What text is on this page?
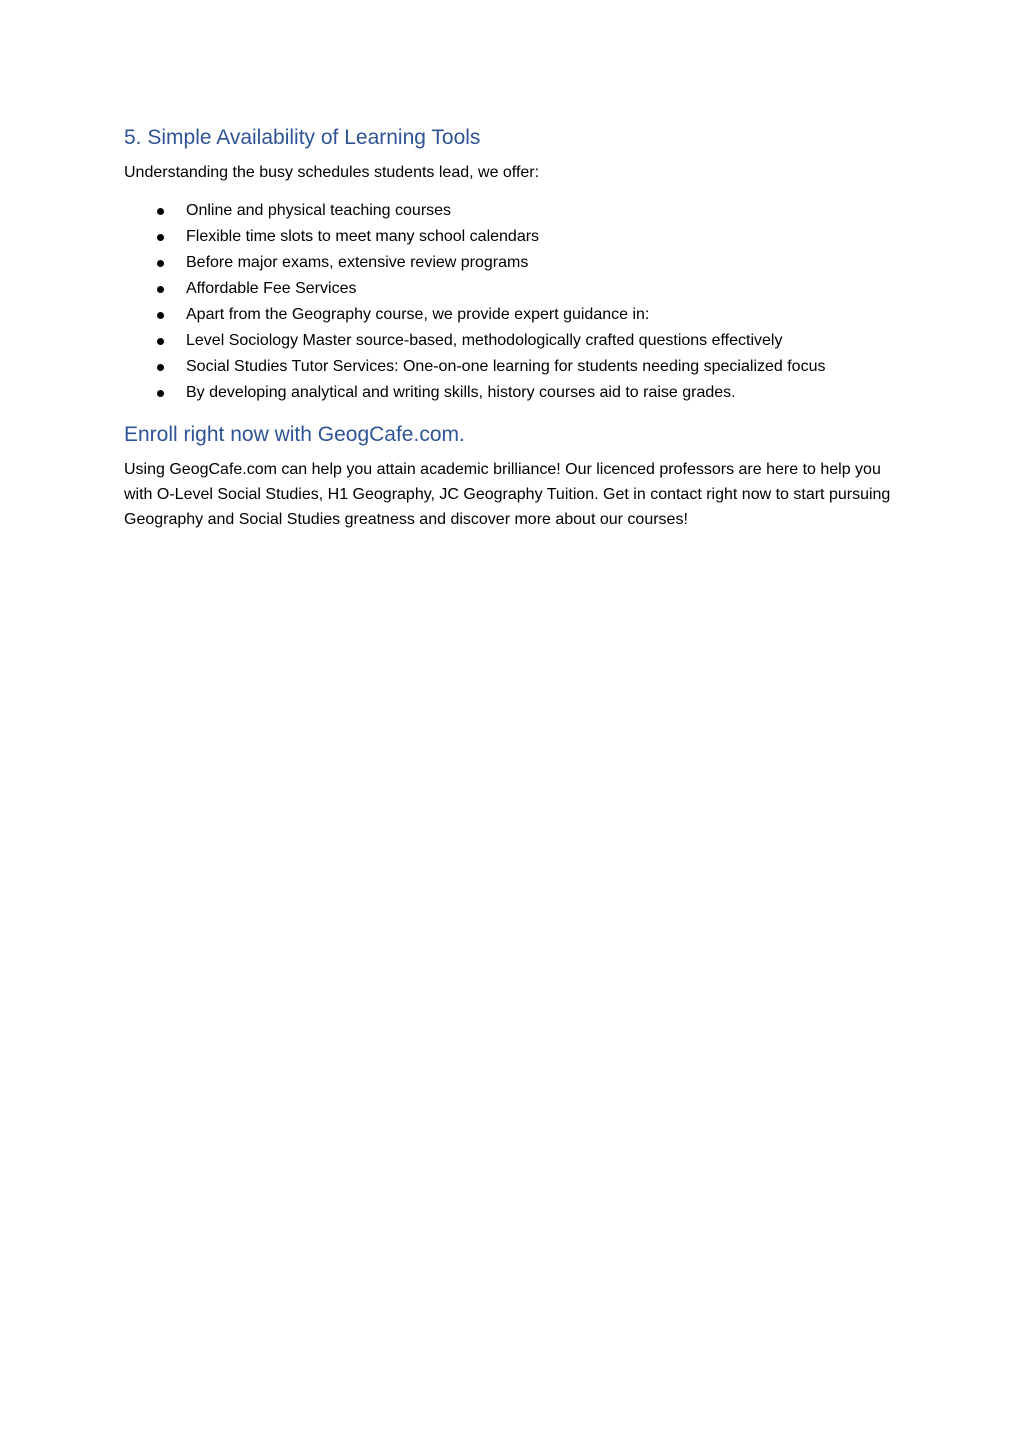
5. Simple Availability of Learning Tools

Understanding the busy schedules students lead, we offer:

Online and physical teaching courses
Flexible time slots to meet many school calendars
Before major exams, extensive review programs
Affordable Fee Services
Apart from the Geography course, we provide expert guidance in:
Level Sociology Master source-based, methodologically crafted questions effectively
Social Studies Tutor Services: One-on-one learning for students needing specialized focus
By developing analytical and writing skills, history courses aid to raise grades.
Enroll right now with GeogCafe.com.

Using GeogCafe.com can help you attain academic brilliance! Our licenced professors are here to help you with O-Level Social Studies, H1 Geography, JC Geography Tuition. Get in contact right now to start pursuing Geography and Social Studies greatness and discover more about our courses!
